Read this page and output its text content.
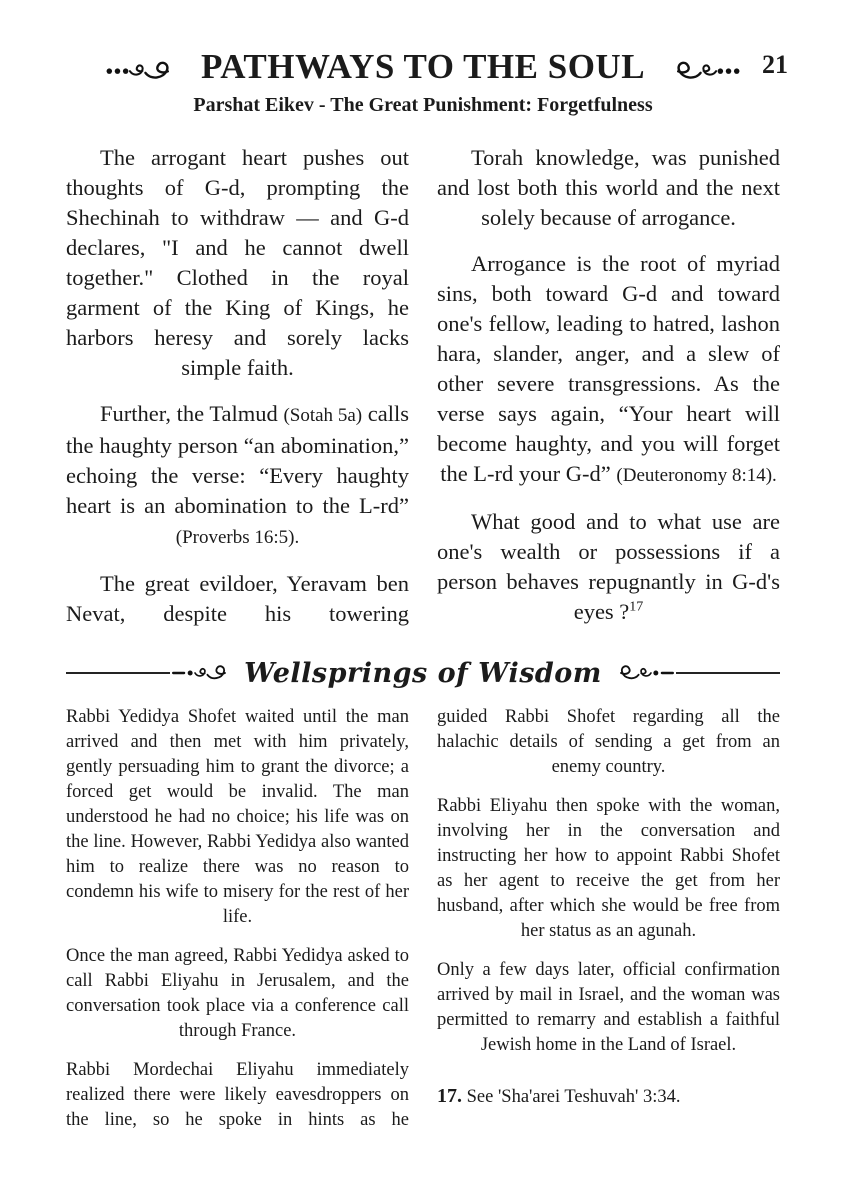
21
PATHWAYS TO THE SOUL
Parshat Eikev - The Great Punishment: Forgetfulness

The arrogant heart pushes out thoughts of G-d, prompting the Shechinah to withdraw — and G-d declares, "I and he cannot dwell together." Clothed in the royal garment of the King of Kings, he harbors heresy and sorely lacks simple faith.

Further, the Talmud (Sotah 5a) calls the haughty person “an abomination,” echoing the verse: “Every haughty heart is an abomination to the L-rd” (Proverbs 16:5).

The great evildoer, Yeravam ben Nevat, despite his towering

Torah knowledge, was punished and lost both this world and the next solely because of arrogance.

Arrogance is the root of myriad sins, both toward G-d and toward one's fellow, leading to hatred, lashon hara, slander, anger, and a slew of other severe transgressions. As the verse says again, “Your heart will become haughty, and you will forget the L-rd your G-d” (Deuteronomy 8:14).

What good and to what use are one's wealth or possessions if a person behaves repugnantly in G-d's eyes ?$^{17}$

Wellsprings of Wisdom

Rabbi Yedidya Shofet waited until the man arrived and then met with him privately, gently persuading him to grant the divorce; a forced get would be invalid. The man understood he had no choice; his life was on the line. However, Rabbi Yedidya also wanted him to realize there was no reason to condemn his wife to misery for the rest of her life.

Once the man agreed, Rabbi Yedidya asked to call Rabbi Eliyahu in Jerusalem, and the conversation took place via a conference call through France.

Rabbi Mordechai Eliyahu immediately realized there were likely eavesdroppers on the line, so he spoke in hints as he

guided Rabbi Shofet regarding all the halachic details of sending a get from an enemy country.

Rabbi Eliyahu then spoke with the woman, involving her in the conversation and instructing her how to appoint Rabbi Shofet as her agent to receive the get from her husband, after which she would be free from her status as an agunah.

Only a few days later, official confirmation arrived by mail in Israel, and the woman was permitted to remarry and establish a faithful Jewish home in the Land of Israel.

17. See 'Sha'arei Teshuvah' 3:34.
